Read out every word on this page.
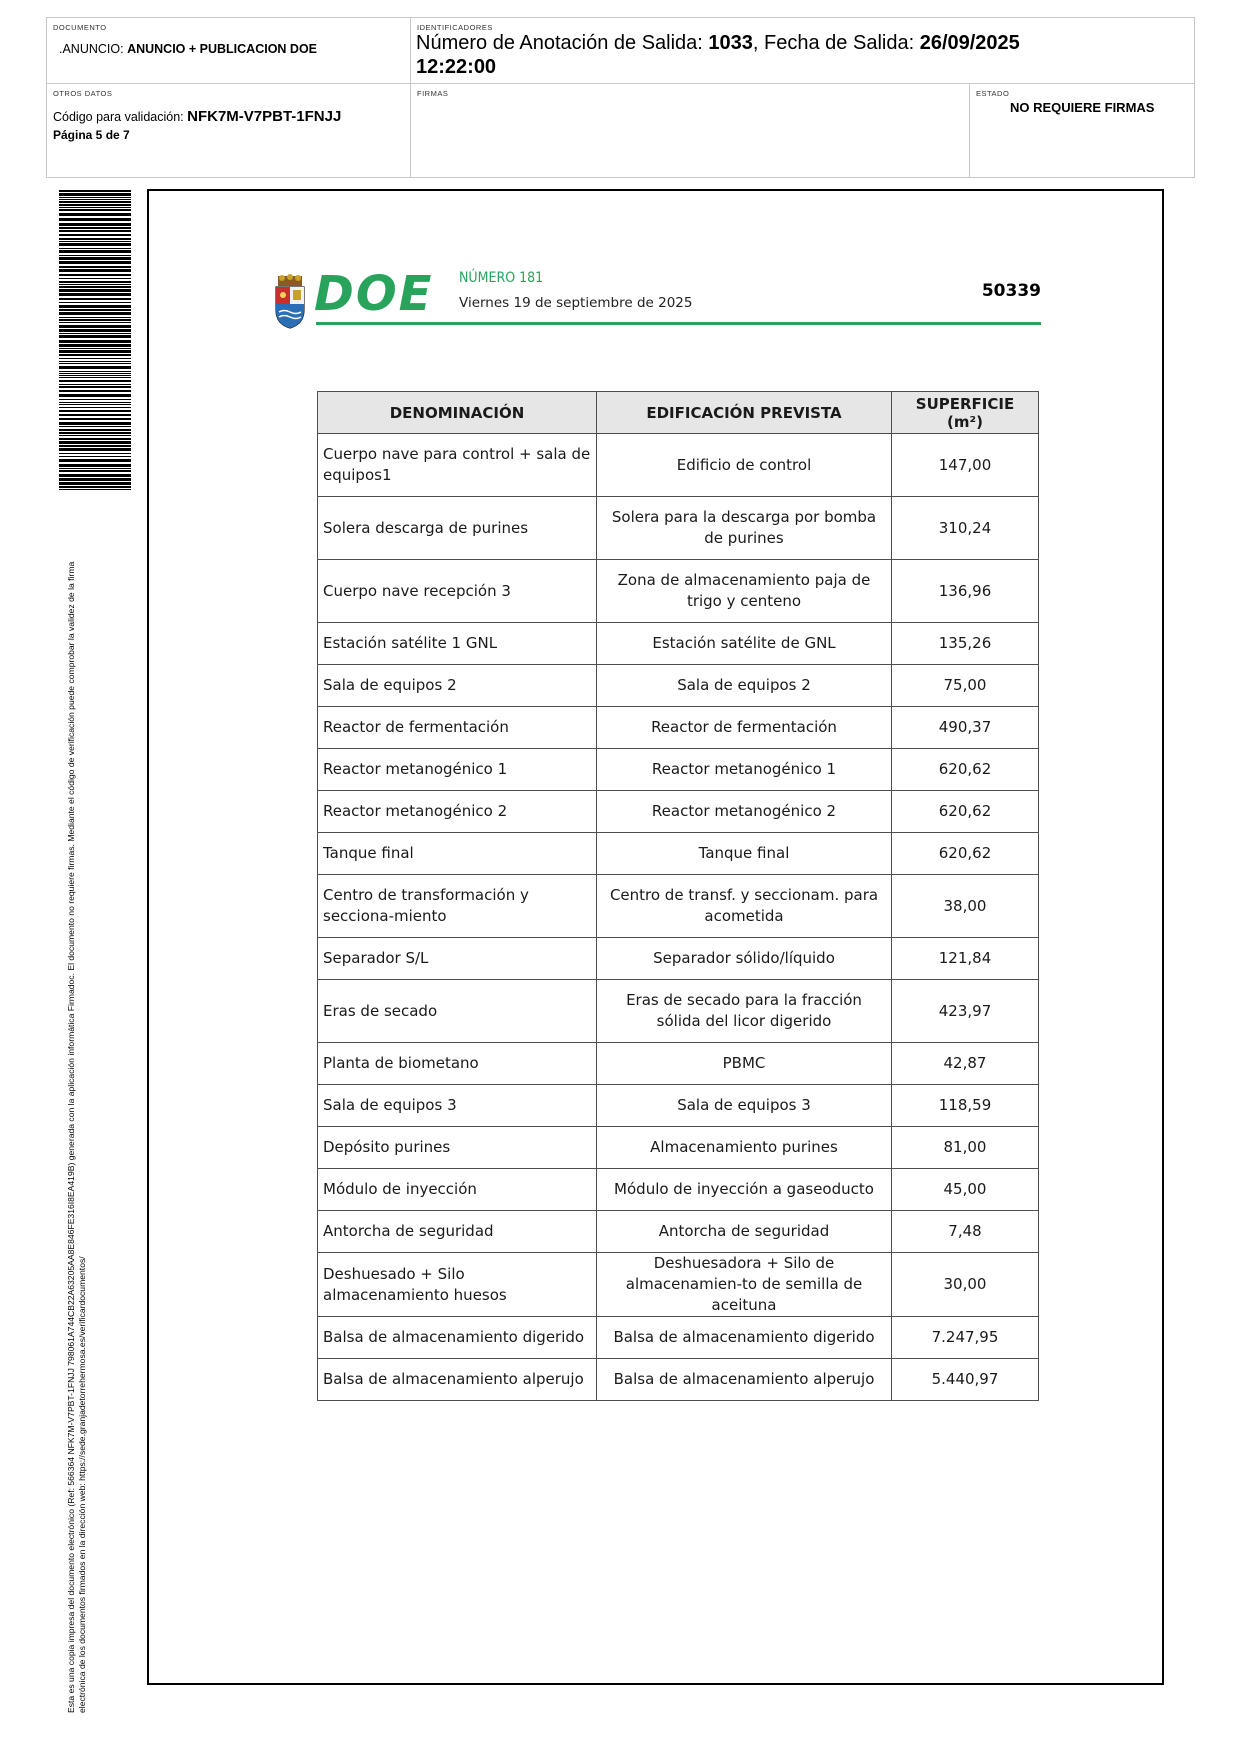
DOCUMENTO
.ANUNCIO: ANUNCIO + PUBLICACION DOE
IDENTIFICADORES
Número de Anotación de Salida: 1033, Fecha de Salida: 26/09/2025 12:22:00
OTROS DATOS
Código para validación: NFK7M-V7PBT-1FNJJ
Página 5 de 7
FIRMAS	ESTADO
NO REQUIERE FIRMAS
Esta es una copia impresa del documento electrónico (Ref: 566364 NFK7M-V7PBT-1FNJJ 798061A744CB22A63205AA8E846FE316I8EA419B) generada con la aplicación informática Firmadoc. El documento no requiere firmas. Mediante el código de verificación puede comprobar la validez de la firma electrónica de los documentos firmados en la dirección web: https://sede.granjadetorrehermosa.es/verificardocumentos/
DOE NÚMERO 181
Viernes 19 de septiembre de 2025
50339
DENOMINACIÓN	EDIFICACIÓN PREVISTA	SUPERFICIE (m²)
Cuerpo nave para control + sala de equipos1	Edificio de control	147,00
Solera descarga de purines	Solera para la descarga por bomba de purines	310,24
Cuerpo nave recepción 3	Zona de almacenamiento paja de trigo y centeno	136,96
Estación satélite 1 GNL	Estación satélite de GNL	135,26
Sala de equipos 2	Sala de equipos 2	75,00
Reactor de fermentación	Reactor de fermentación	490,37
Reactor metanogénico 1	Reactor metanogénico 1	620,62
Reactor metanogénico 2	Reactor metanogénico 2	620,62
Tanque final	Tanque final	620,62
Centro de transformación y secciona-miento	Centro de transf. y seccionam. para acometida	38,00
Separador S/L	Separador sólido/líquido	121,84
Eras de secado	Eras de secado para la fracción sólida del licor digerido	423,97
Planta de biometano	PBMC	42,87
Sala de equipos 3	Sala de equipos 3	118,59
Depósito purines	Almacenamiento purines	81,00
Módulo de inyección	Módulo de inyección a gaseoducto	45,00
Antorcha de seguridad	Antorcha de seguridad	7,48
Deshuesado + Silo almacenamiento huesos	Deshuesadora + Silo de almacenamien-to de semilla de aceituna	30,00
Balsa de almacenamiento digerido	Balsa de almacenamiento digerido	7.247,95
Balsa de almacenamiento alperujo	Balsa de almacenamiento alperujo	5.440,97
